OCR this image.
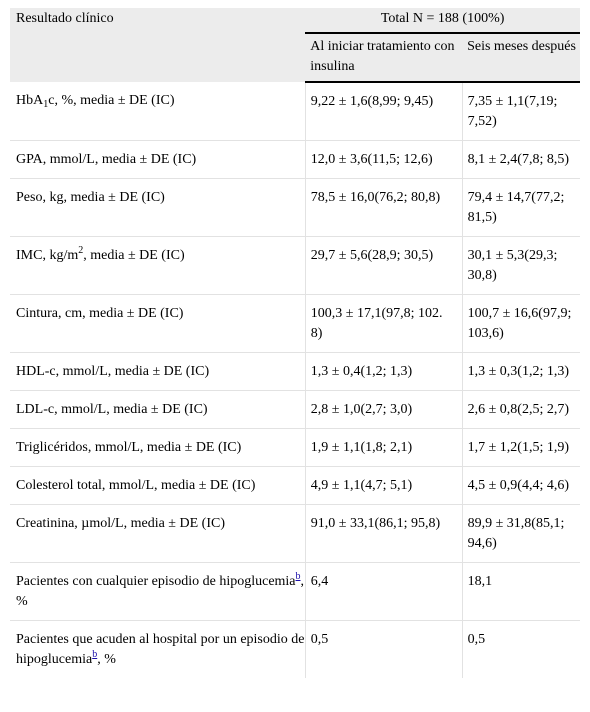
Resultado clínico	Total N = 188 (100%)	
	Al iniciar tratamiento con insulina	Seis meses después
HbA$_1$c, %, media ± DE (IC)	9,22 ± 1,6(8,99; 9,45)	7,35 ± 1,1(7,19; 7,52)
GPA, mmol/L, media ± DE (IC)	12,0 ± 3,6(11,5; 12,6)	8,1 ± 2,4(7,8; 8,5)
Peso, kg, media ± DE (IC)	78,5 ± 16,0(76,2; 80,8)	79,4 ± 14,7(77,2; 81,5)
IMC, $kg/m^2$, media ± DE (IC)	29,7 ± 5,6(28,9; 30,5)	30,1 ± 5,3(29,3; 30,8)
Cintura, cm, media ± DE (IC)	100,3 ± 17,1(97,8; 102. 8)	100,7 ± 16,6(97,9; 103,6)
HDL-c, mmol/L, media ± DE (IC)	1,3 ± 0,4(1,2; 1,3)	1,3 ± 0,3(1,2; 1,3)
LDL-c, mmol/L, media ± DE (IC)	2,8 ± 1,0(2,7; 3,0)	2,6 ± 0,8(2,5; 2,7)
Triglicéridos, mmol/L, media ± DE (IC)	1,9 ± 1,1(1,8; 2,1)	1,7 ± 1,2(1,5; 1,9)
Colesterol total, mmol/L, media ± DE (IC)	4,9 ± 1,1(4,7; 5,1)	4,5 ± 0,9(4,4; 4,6)
Creatinina, µmol/L, media ± DE (IC)	91,0 ± 33,1(86,1; 95,8)	89,9 ± 31,8(85,1; 94,6)
Pacientes con cualquier episodio de hipoglucemia$^b$, %	6,4	18,1
Pacientes que acuden al hospital por un episodio de hipoglucemia$^b$, %	0,5	0,5
